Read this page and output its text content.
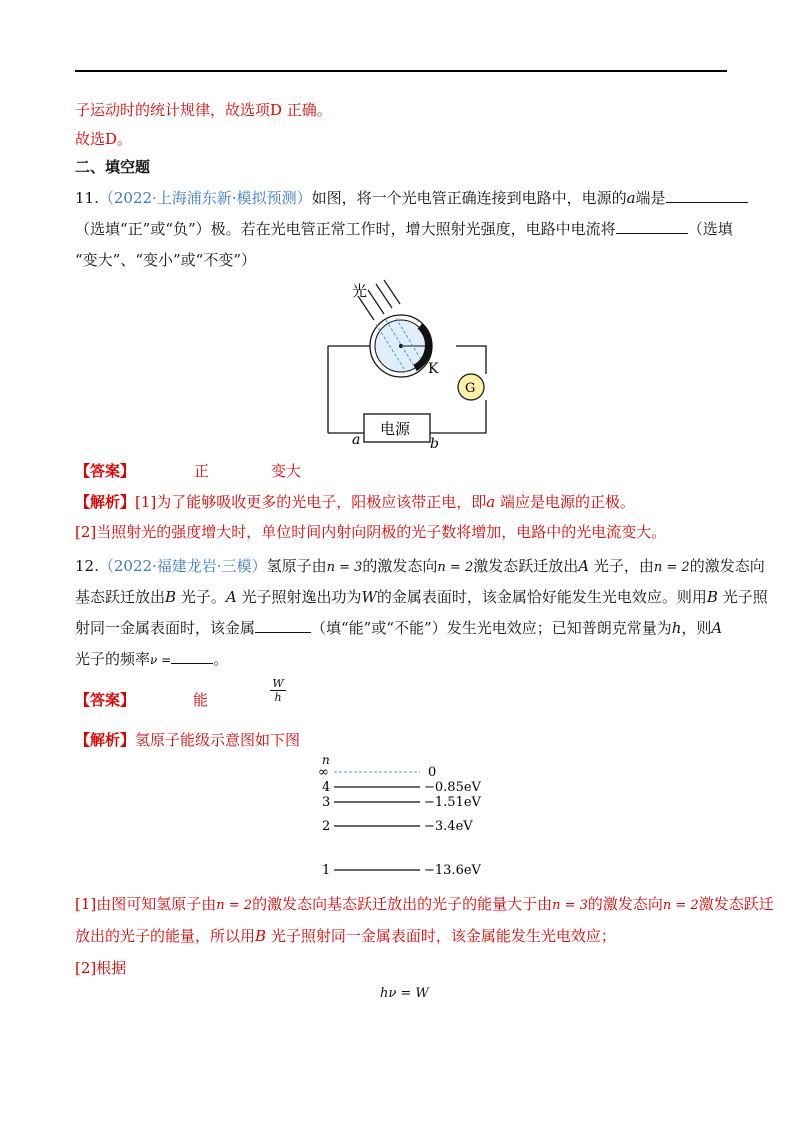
子运动时的统计规律，故选项D 正确。
故选D。
二、填空题
11.（2022·上海浦东新·模拟预测）如图，将一个光电管正确连接到电路中，电源的a端是
（选填“正”或“负”）极。若在光电管正常工作时，增大照射光强度，电路中电流将	（选填
“变大”、“变小”或“不变”）
光
K
G
电源
a	b
【答案】	正	变大
【解析】[1]为了能够吸收更多的光电子，阳极应该带正电，即a 端应是电源的正极。
[2]当照射光的强度增大时，单位时间内射向阴极的光子数将增加，电路中的光电流变大。
12.（2022·福建龙岩·三模）氢原子由n = 3的激发态向n = 2激发态跃迁放出A 光子，由n = 2的激发态向
基态跃迁放出B 光子。A 光子照射逸出功为W的金属表面时，该金属恰好能发生光电效应。则用B 光子照
射同一金属表面时，该金属	（填“能”或“不能”）发生光电效应；已知普朗克常量为h，则A
光子的频率ν =	。
【答案】	能
W
h
【解析】氢原子能级示意图如下图
n
∞	0
4	−0.85eV
3	−1.51eV
2	−3.4eV
1	−13.6eV
[1]由图可知氢原子由n = 2的激发态向基态跃迁放出的光子的能量大于由n = 3的激发态向n = 2激发态跃迁
放出的光子的能量，所以用B 光子照射同一金属表面时，该金属能发生光电效应；
[2]根据
hν = W
